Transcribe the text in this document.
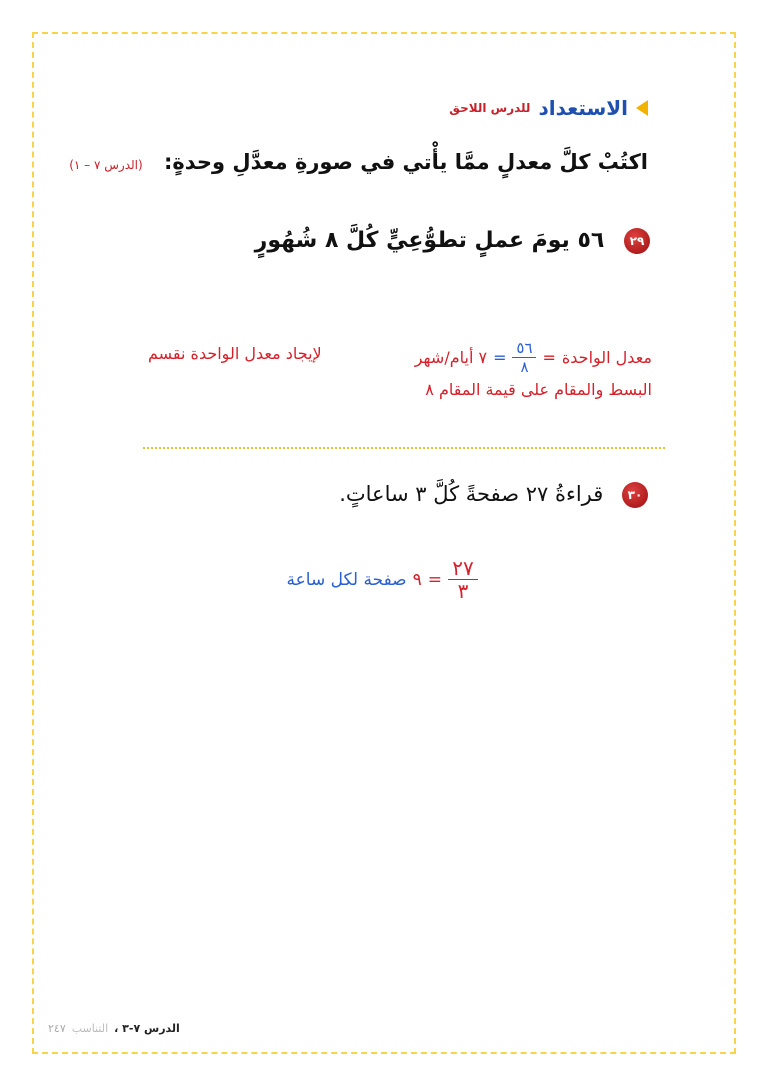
الاستعداد
للدرس اللاحق
اكتُبْ كلَّ معدلٍ ممَّا يأْتي في صورةِ معدَّلِ وحدةٍ: (الدرس ٧ – ١)
٢٩ ٥٦ يومَ عملٍ تطوُّعِيٍّ كُلَّ ٨ شُهُورٍ
معدل الواحدة
=
$\frac{٥٦}{٨}$
=
٧ أيام/شهر
البسط والمقام على قيمة المقام ٨
لإيجاد معدل الواحدة نقسم
٣٠ قراءةُ ٢٧ صفحةً كُلَّ ٣ ساعاتٍ.
$\frac{٢٧}{٣}$
=
٩
صفحة لكل ساعة
الدرس ٧-٣ ،
التناسب
٢٤٧
